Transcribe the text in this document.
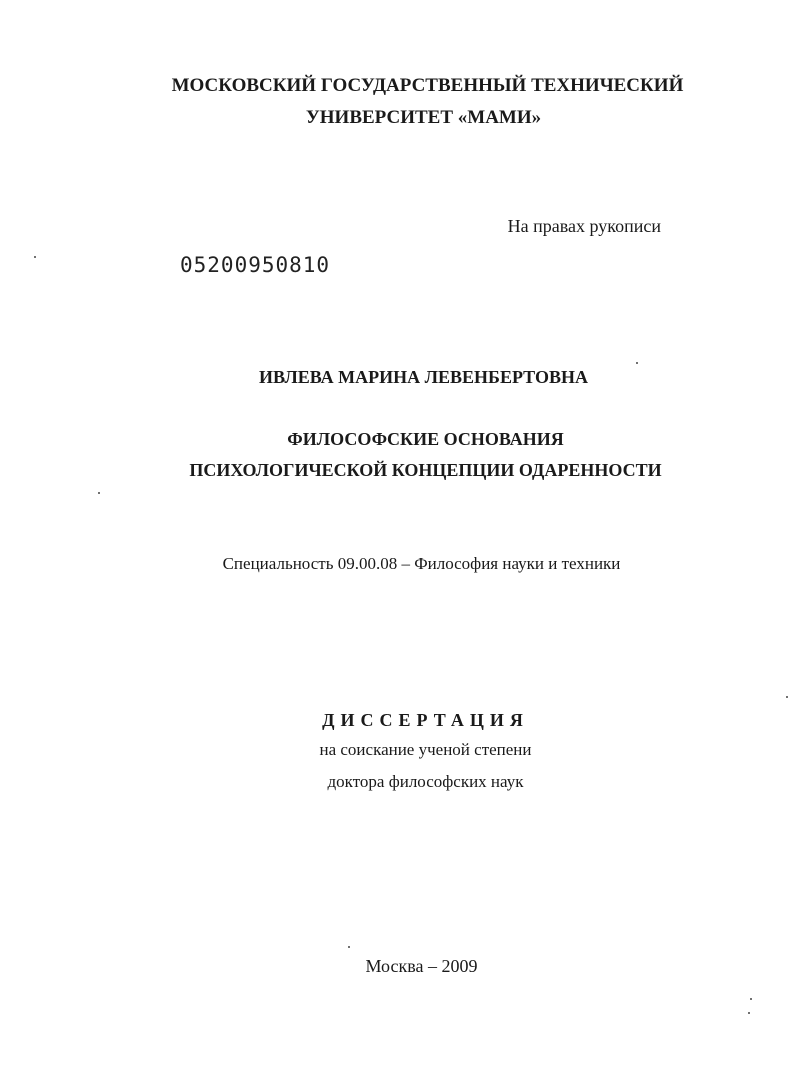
МОСКОВСКИЙ ГОСУДАРСТВЕННЫЙ ТЕХНИЧЕСКИЙ
УНИВЕРСИТЕТ «МАМИ»
На правах рукописи
05200950810
ИВЛЕВА МАРИНА ЛЕВЕНБЕРТОВНА
ФИЛОСОФСКИЕ ОСНОВАНИЯ
ПСИХОЛОГИЧЕСКОЙ КОНЦЕПЦИИ ОДАРЕННОСТИ
Специальность 09.00.08 – Философия науки и техники
ДИССЕРТАЦИЯ
на соискание ученой степени
доктора философских наук
Москва – 2009
